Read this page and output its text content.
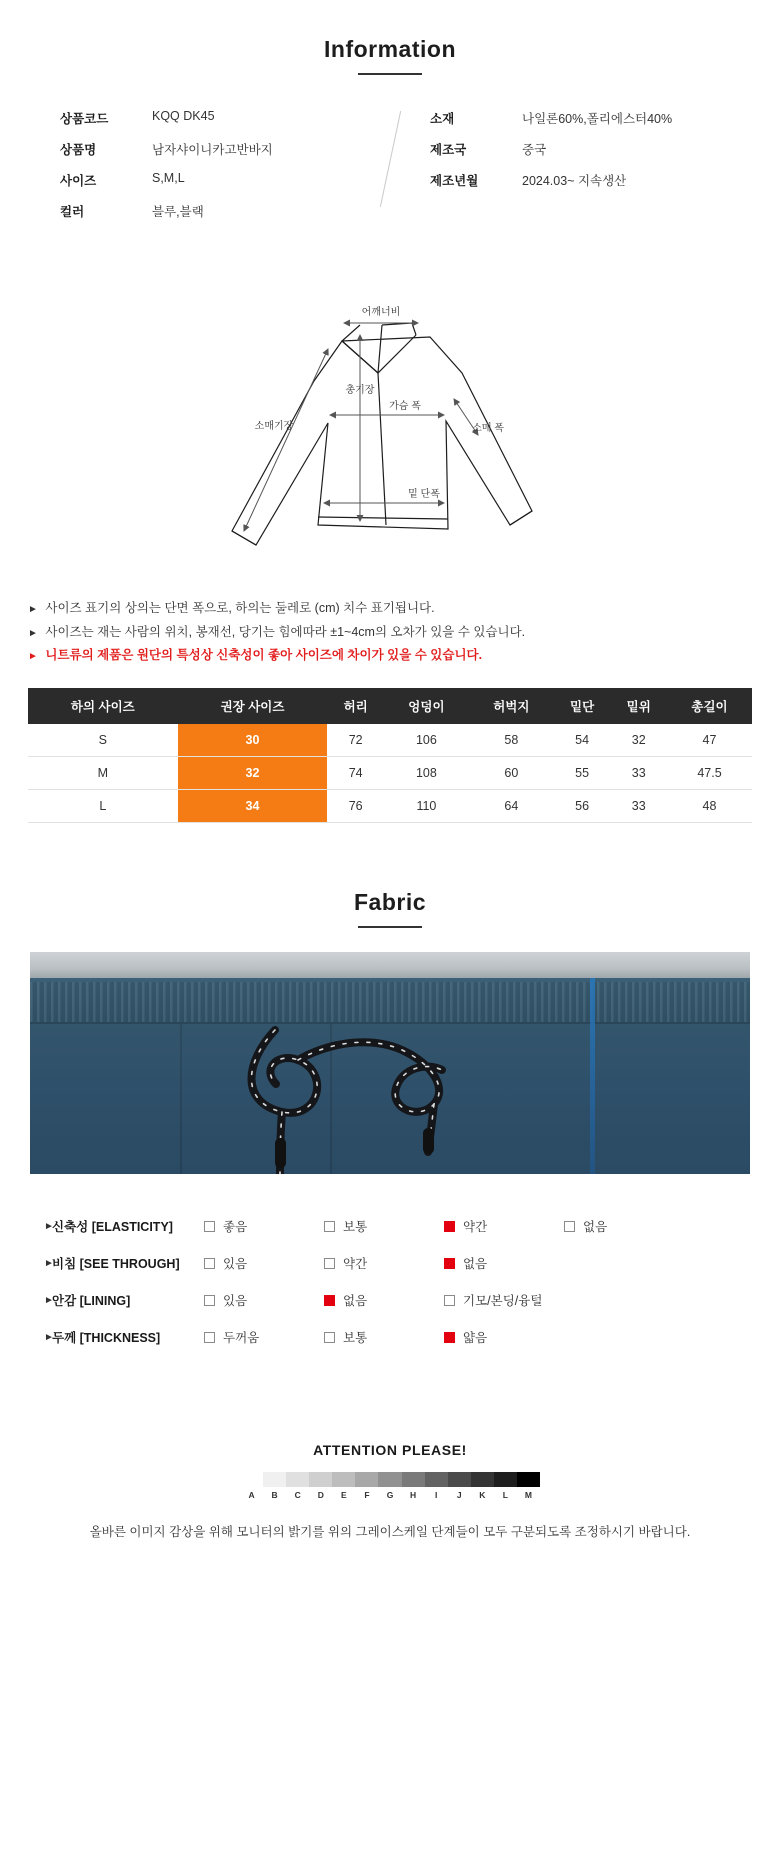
Information
상품코드	KQQ DK45
상품명	남자샤이니카고반바지
사이즈	S,M,L
컬러	블루,블랙
소재	나일론60%,폴리에스터40%
제조국	중국
제조년월	2024.03~ 지속생산
어깨너비
총기장
가슴 폭
소매기장	소매 폭
밑 단폭
► 사이즈 표기의 상의는 단면 폭으로, 하의는 둘레로 (cm) 치수 표기됩니다.
► 사이즈는 재는 사람의 위치, 봉재선, 당기는 힘에따라 ±1~4cm의 오차가 있을 수 있습니다.
► 니트류의 제품은 원단의 특성상 신축성이 좋아 사이즈에 차이가 있을 수 있습니다.
하의 사이즈	권장 사이즈	허리	엉덩이	허벅지	밑단	밑위	총길이
S	30	72	106	58	54	32	47
M	32	74	108	60	55	33	47.5
L	34	76	110	64	56	33	48
Fabric
►
신축성 [ELASTICITY]	좋음	보통	약간	없음
►
비침 [SEE THROUGH]	있음	약간	없음
►
안감 [LINING]	있음	없음	기모/본딩/융털
►
두께 [THICKNESS]	두꺼움	보통	얇음
ATTENTION PLEASE!
A	B	C	D	E	F	G	H	I	J	K	L	M
올바른 이미지 감상을 위해 모니터의 밝기를 위의 그레이스케일 단계들이 모두 구분되도록 조정하시기 바랍니다.
